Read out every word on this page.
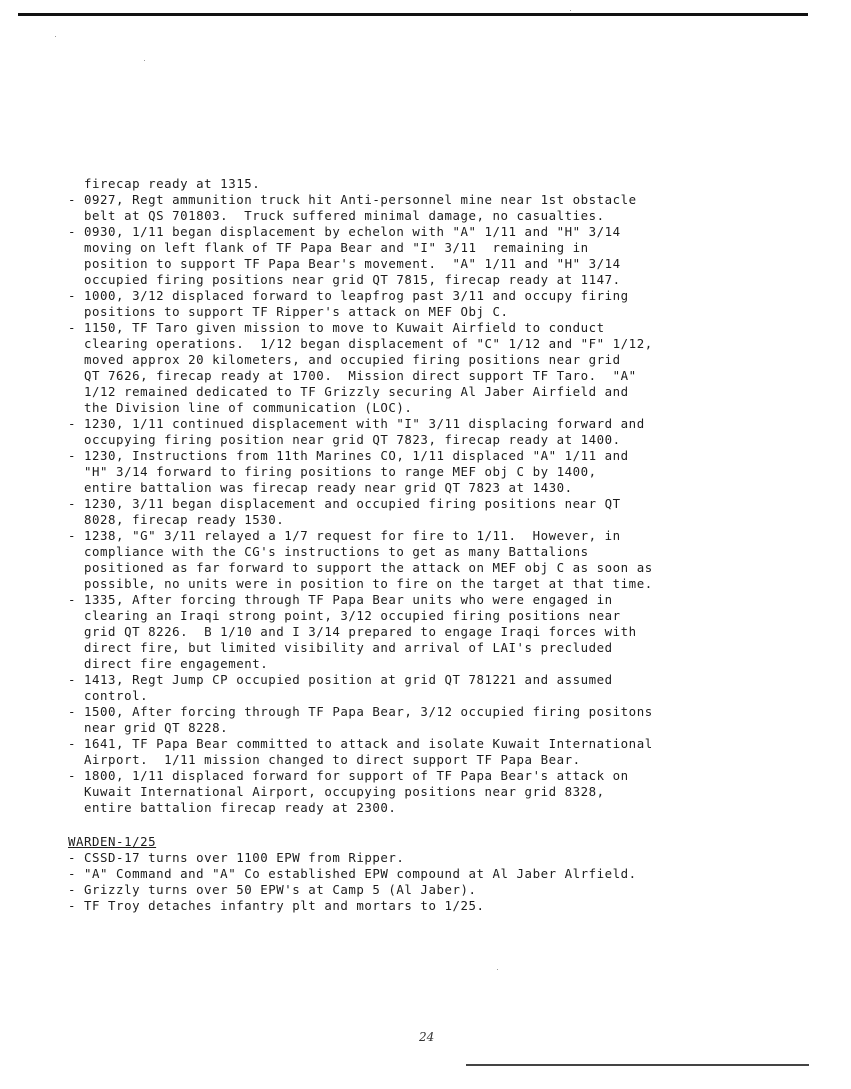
firecap ready at 1315.
- 0927, Regt ammunition truck hit Anti-personnel mine near 1st obstacle
belt at QS 701803.  Truck suffered minimal damage, no casualties.
- 0930, 1/11 began displacement by echelon with "A" 1/11 and "H" 3/14
moving on left flank of TF Papa Bear and "I" 3/11  remaining in
position to support TF Papa Bear's movement.  "A" 1/11 and "H" 3/14
occupied firing positions near grid QT 7815, firecap ready at 1147.
- 1000, 3/12 displaced forward to leapfrog past 3/11 and occupy firing
positions to support TF Ripper's attack on MEF Obj C.
- 1150, TF Taro given mission to move to Kuwait Airfield to conduct
clearing operations.  1/12 began displacement of "C" 1/12 and "F" 1/12,
moved approx 20 kilometers, and occupied firing positions near grid
QT 7626, firecap ready at 1700.  Mission direct support TF Taro.  "A"
1/12 remained dedicated to TF Grizzly securing Al Jaber Airfield and
the Division line of communication (LOC).
- 1230, 1/11 continued displacement with "I" 3/11 displacing forward and
occupying firing position near grid QT 7823, firecap ready at 1400.
- 1230, Instructions from 11th Marines CO, 1/11 displaced "A" 1/11 and
"H" 3/14 forward to firing positions to range MEF obj C by 1400,
entire battalion was firecap ready near grid QT 7823 at 1430.
- 1230, 3/11 began displacement and occupied firing positions near QT
8028, firecap ready 1530.
- 1238, "G" 3/11 relayed a 1/7 request for fire to 1/11.  However, in
compliance with the CG's instructions to get as many Battalions
positioned as far forward to support the attack on MEF obj C as soon as
possible, no units were in position to fire on the target at that time.
- 1335, After forcing through TF Papa Bear units who were engaged in
clearing an Iraqi strong point, 3/12 occupied firing positions near
grid QT 8226.  B 1/10 and I 3/14 prepared to engage Iraqi forces with
direct fire, but limited visibility and arrival of LAI's precluded
direct fire engagement.
- 1413, Regt Jump CP occupied position at grid QT 781221 and assumed
control.
- 1500, After forcing through TF Papa Bear, 3/12 occupied firing positons
near grid QT 8228.
- 1641, TF Papa Bear committed to attack and isolate Kuwait International
Airport.  1/11 mission changed to direct support TF Papa Bear.
- 1800, 1/11 displaced forward for support of TF Papa Bear's attack on
Kuwait International Airport, occupying positions near grid 8328,
entire battalion firecap ready at 2300.
WARDEN-1/25
- CSSD-17 turns over 1100 EPW from Ripper.
- "A" Command and "A" Co established EPW compound at Al Jaber Alrfield.
- Grizzly turns over 50 EPW's at Camp 5 (Al Jaber).
- TF Troy detaches infantry plt and mortars to 1/25.
24
